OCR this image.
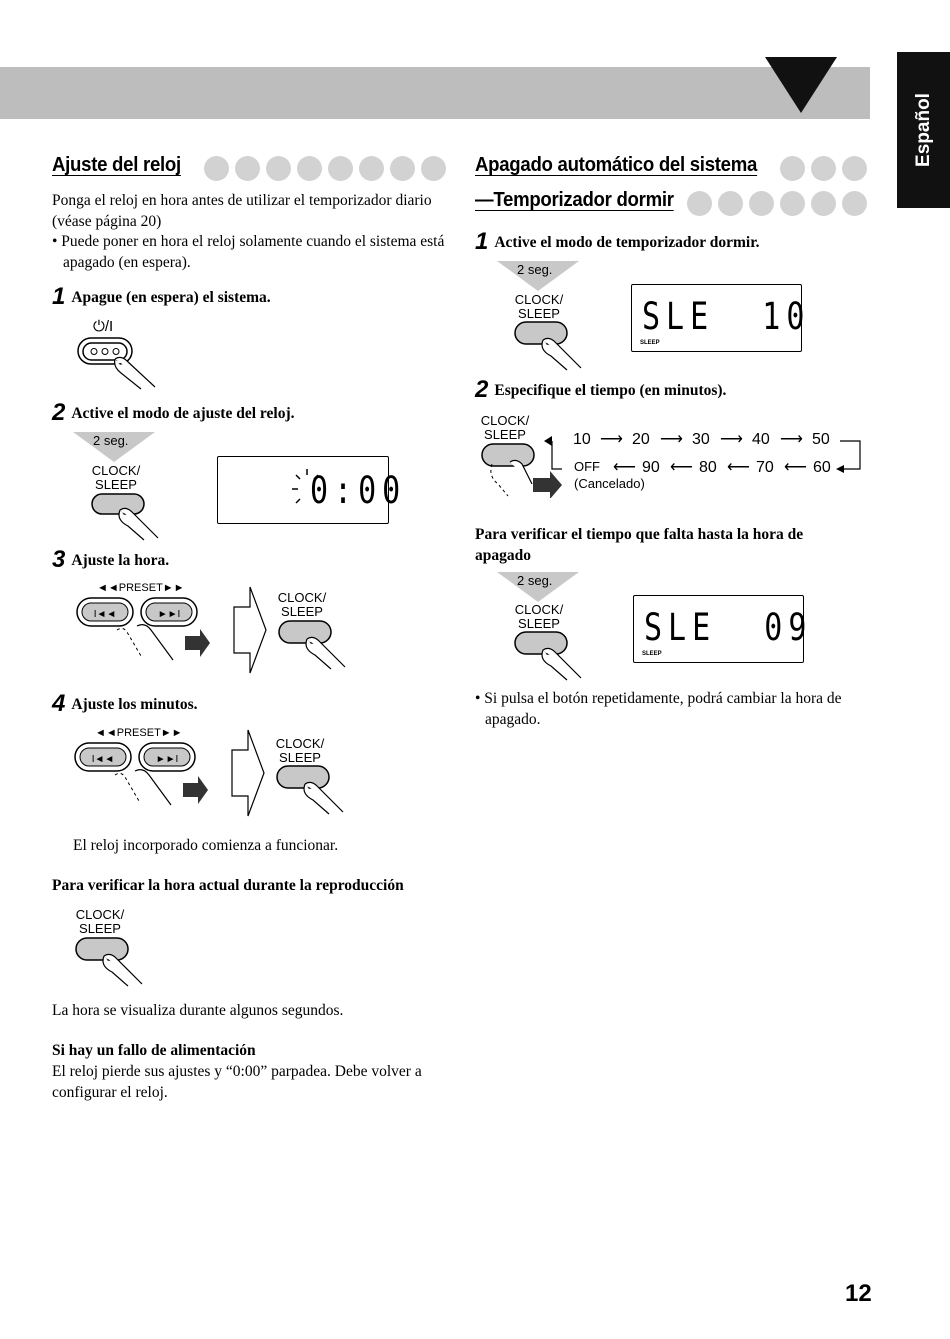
Español
Ajuste del reloj
Ponga el reloj en hora antes de utilizar el temporizador diario (véase página 20)
• Puede poner en hora el reloj solamente cuando el sistema está apagado (en espera).
1 Apague (en espera) el sistema.
⏻/I
2 Active el modo de ajuste del reloj.
2 seg.
CLOCK/
SLEEP	0:00
3 Ajuste la hora.
◄◄PRESET►►
I◄◄	►►I
CLOCK/
SLEEP
4 Ajuste los minutos.
◄◄PRESET►►
I◄◄	►►I
CLOCK/
SLEEP
El reloj incorporado comienza a funcionar.
Para verificar la hora actual durante la reproducción
CLOCK/
SLEEP
La hora se visualiza durante algunos segundos.
Si hay un fallo de alimentación
El reloj pierde sus ajustes y “0:00” parpadea. Debe volver a configurar el reloj.
Apagado automático del sistema
—Temporizador dormir
1 Active el modo de temporizador dormir.
2 seg.
CLOCK/
SLEEP	SLE  10
SLEEP
2 Especifique el tiempo (en minutos).
CLOCK/
SLEEP	10 ⟶ 20 ⟶ 30 ⟶ 40 ⟶ 50
OFF ⟵ 90 ⟵ 80 ⟵ 70 ⟵ 60
(Cancelado)
Para verificar el tiempo que falta hasta la hora de apagado
2 seg.
CLOCK/
SLEEP	SLE  09
SLEEP
• Si pulsa el botón repetidamente, podrá cambiar la hora de apagado.
12
